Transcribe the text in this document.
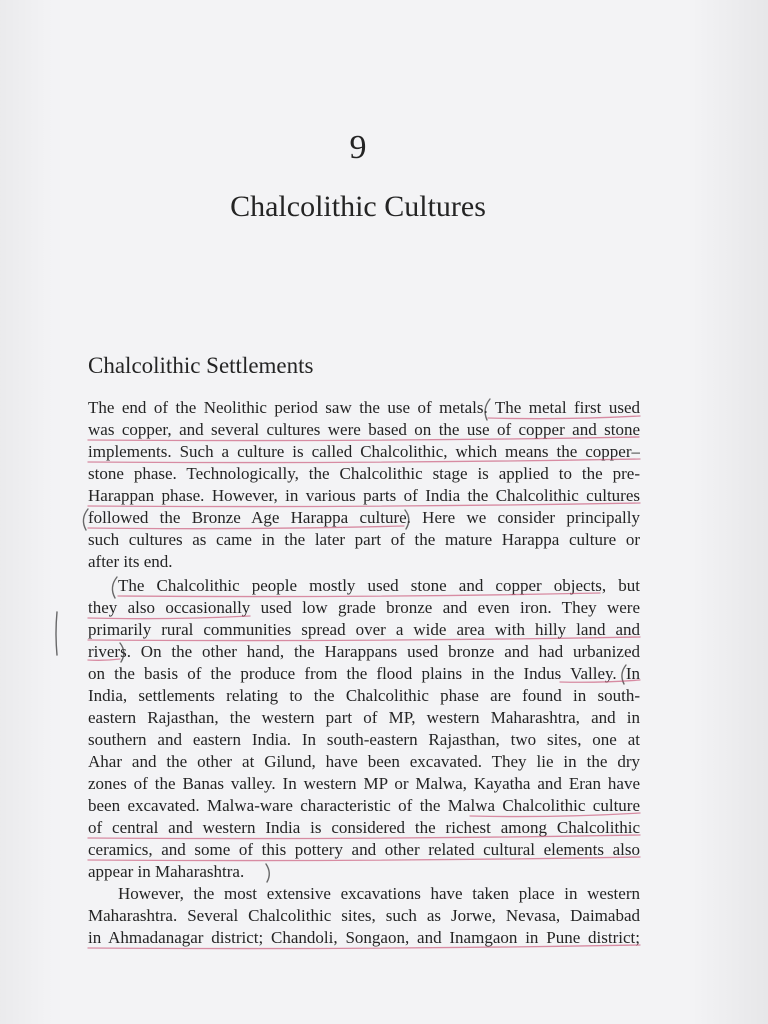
9
Chalcolithic Cultures
Chalcolithic Settlements
The end of the Neolithic period saw the use of metals. The metal first used
was copper, and several cultures were based on the use of copper and stone
implements. Such a culture is called Chalcolithic, which means the copper–
stone phase. Technologically, the Chalcolithic stage is applied to the pre-
Harappan phase. However, in various parts of India the Chalcolithic cultures
followed the Bronze Age Harappa culture. Here we consider principally
such cultures as came in the later part of the mature Harappa culture or
after its end.
The Chalcolithic people mostly used stone and copper objects, but
they also occasionally used low grade bronze and even iron. They were
primarily rural communities spread over a wide area with hilly land and
rivers. On the other hand, the Harappans used bronze and had urbanized
on the basis of the produce from the flood plains in the Indus Valley. In
India, settlements relating to the Chalcolithic phase are found in south-
eastern Rajasthan, the western part of MP, western Maharashtra, and in
southern and eastern India. In south-eastern Rajasthan, two sites, one at
Ahar and the other at Gilund, have been excavated. They lie in the dry
zones of the Banas valley. In western MP or Malwa, Kayatha and Eran have
been excavated. Malwa-ware characteristic of the Malwa Chalcolithic culture
of central and western India is considered the richest among Chalcolithic
ceramics, and some of this pottery and other related cultural elements also
appear in Maharashtra.
However, the most extensive excavations have taken place in western
Maharashtra. Several Chalcolithic sites, such as Jorwe, Nevasa, Daimabad
in Ahmadanagar district; Chandoli, Songaon, and Inamgaon in Pune district;
